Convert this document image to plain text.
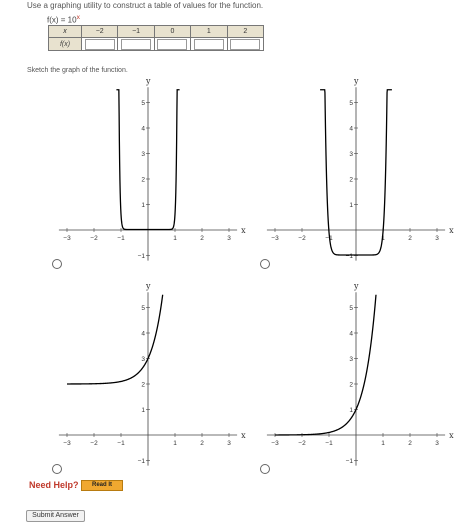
Use a graphing utility to construct a table of values for the function.
$f(x) = 10^x$
x	−2	−1	0	1	2
f(x)					
Sketch the graph of the function.
x
y
−3	−2	−1	1	2	3
−1
1
2
3
4
5
x
y
−3	−2	−1	1	2	3
−1
1
2
3
4
5
x
y
−3	−2	−1	1	2	3
−1
1
2
3
4
5
x
y
−3	−2	−1	1	2	3
−1
1
2
3
4
5
Need Help?	Read It
Submit Answer
